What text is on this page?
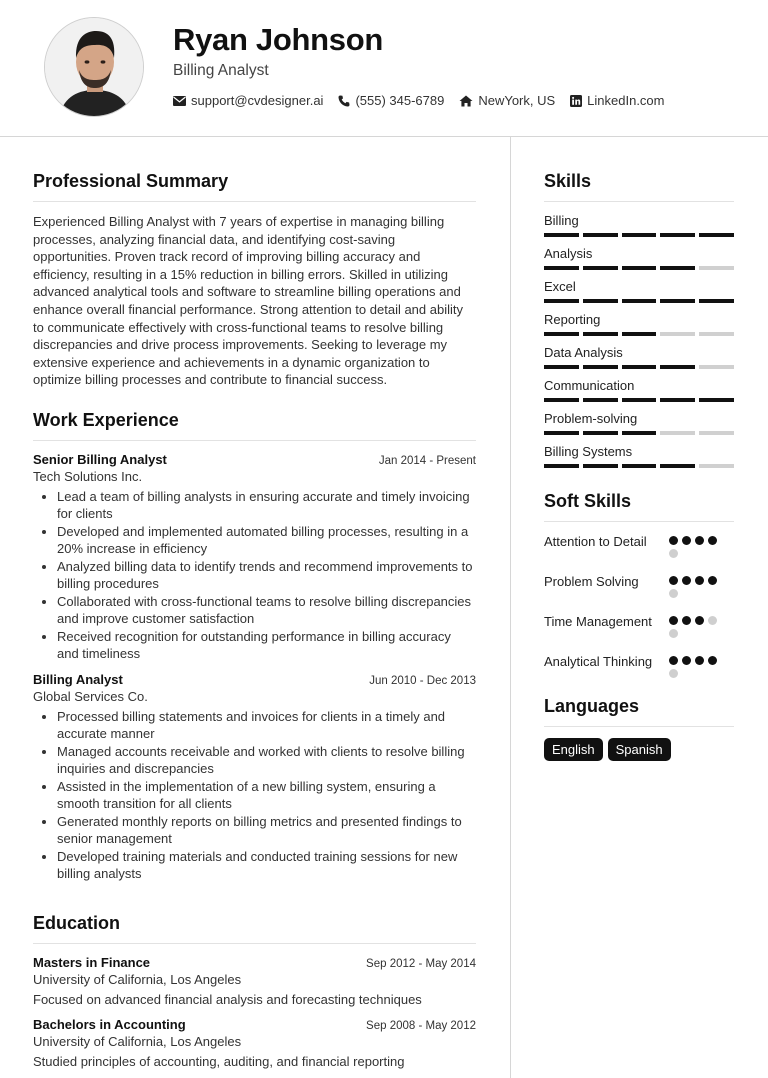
Ryan Johnson
Billing Analyst
support@cvdesigner.ai (555) 345-6789	NewYork, US LinkedIn.com
Professional Summary
Experienced Billing Analyst with 7 years of expertise in managing billing processes, analyzing financial data, and identifying cost-saving opportunities. Proven track record of improving billing accuracy and efficiency, resulting in a 15% reduction in billing errors. Skilled in utilizing advanced analytical tools and software to streamline billing operations and enhance overall financial performance. Strong attention to detail and ability to communicate effectively with cross-functional teams to resolve billing discrepancies and drive process improvements. Seeking to leverage my extensive experience and achievements in a dynamic organization to optimize billing processes and contribute to financial success.
Work Experience
Senior Billing Analyst	Jan 2014 - Present
Tech Solutions Inc.
• Lead a team of billing analysts in ensuring accurate and timely invoicing for clients
• Developed and implemented automated billing processes, resulting in a 20% increase in efficiency
• Analyzed billing data to identify trends and recommend improvements to billing procedures
• Collaborated with cross-functional teams to resolve billing discrepancies and improve customer satisfaction
• Received recognition for outstanding performance in billing accuracy and timeliness
Billing Analyst	Jun 2010 - Dec 2013
Global Services Co.
• Processed billing statements and invoices for clients in a timely and accurate manner
• Managed accounts receivable and worked with clients to resolve billing inquiries and discrepancies
• Assisted in the implementation of a new billing system, ensuring a smooth transition for all clients
• Generated monthly reports on billing metrics and presented findings to senior management
• Developed training materials and conducted training sessions for new billing analysts
Education
Masters in Finance	Sep 2012 - May 2014
University of California, Los Angeles
Focused on advanced financial analysis and forecasting techniques
Bachelors in Accounting	Sep 2008 - May 2012
University of California, Los Angeles
Studied principles of accounting, auditing, and financial reporting
Skills
Billing
Analysis
Excel
Reporting
Data Analysis
Communication
Problem-solving
Billing Systems
Soft Skills
Attention to Detail
Problem Solving
Time Management
Analytical Thinking
Languages
English	Spanish
